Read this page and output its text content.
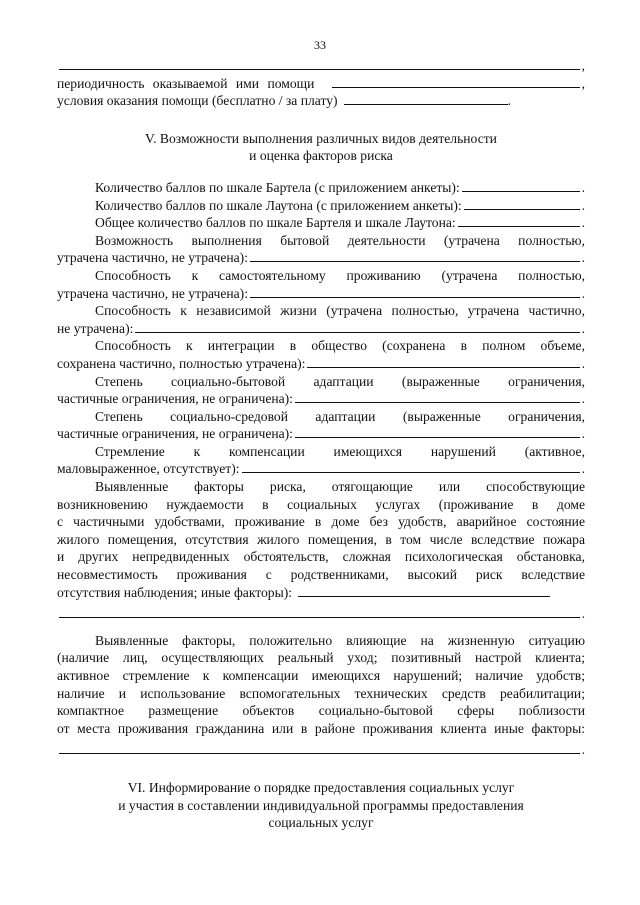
33
,
периодичность оказываемой ими помощи	,
условия оказания помощи (бесплатно / за плату)	.

V. Возможности выполнения различных видов деятельности

и оценка факторов риска

Количество баллов по шкале Бартела (с приложением анкеты):	.
Количество баллов по шкале Лаутона (с приложением анкеты):	.
Общее количество баллов по шкале Бартеля и шкале Лаутона:	.

Возможность выполнения бытовой деятельности (утрачена полностью,

утрачена частично, не утрачена):	.

Способность к самостоятельному проживанию (утрачена полностью,

утрачена частично, не утрачена):	.

Способность к независимой жизни (утрачена полностью, утрачена частично,

не утрачена):	.

Способность к интеграции в общество (сохранена в полном объеме,

сохранена частично, полностью утрачена):	.

Степень социально-бытовой адаптации (выраженные ограничения,

частичные ограничения, не ограничена):	.

Степень социально-средовой адаптации (выраженные ограничения,

частичные ограничения, не ограничена):	.

Стремление к компенсации имеющихся нарушений (активное,

маловыраженное, отсутствует):	.

Выявленные факторы риска, отягощающие или способствующие

возникновению нуждаемости в социальных услугах (проживание в доме

с частичными удобствами, проживание в доме без удобств, аварийное состояние

жилого помещения, отсутствия жилого помещения, в том числе вследствие пожара

и других непредвиденных обстоятельств, сложная психологическая обстановка,

несовместимость проживания с родственниками, высокий риск вследствие

отсутствия наблюдения; иные факторы):
.

Выявленные факторы, положительно влияющие на жизненную ситуацию

(наличие лиц, осуществляющих реальный уход; позитивный настрой клиента;

активное стремление к компенсации имеющихся нарушений; наличие удобств;

наличие и использование вспомогательных технических средств реабилитации;

компактное размещение объектов социально-бытовой сферы поблизости

от места проживания гражданина или в районе проживания клиента иные факторы:

.

VI. Информирование о порядке предоставления социальных услуг

и участия в составлении индивидуальной программы предоставления

социальных услуг
